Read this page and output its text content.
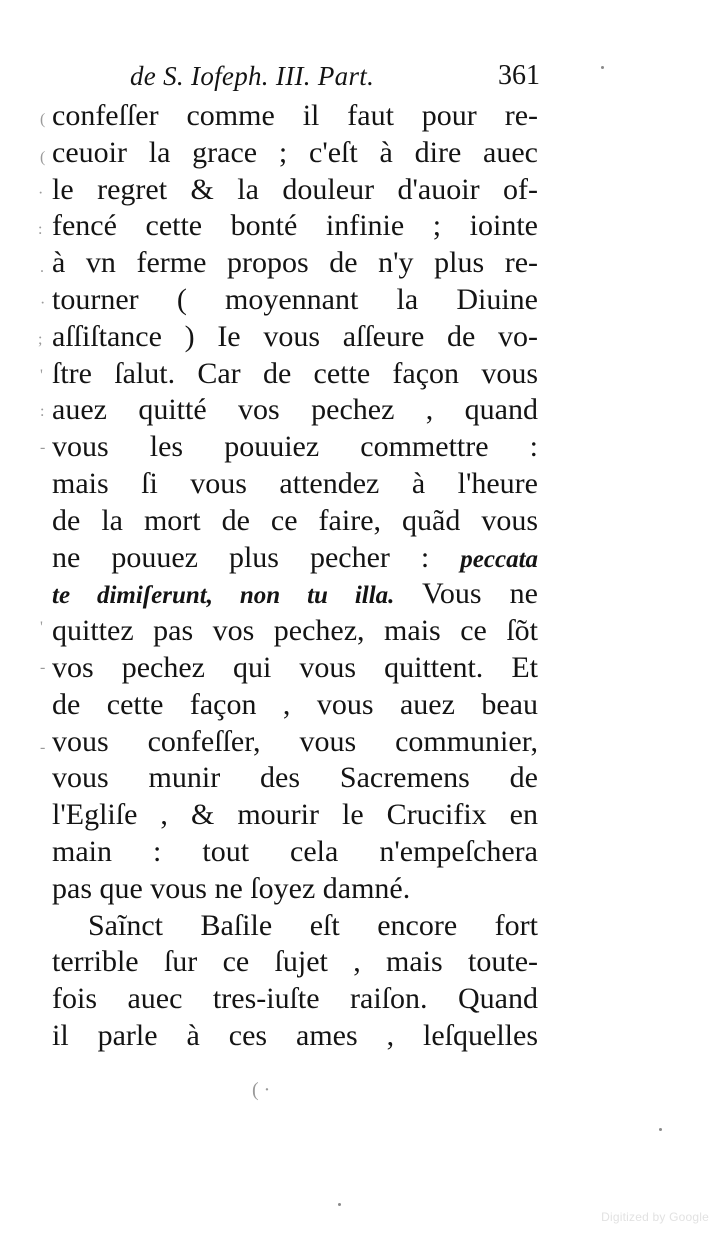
de S. Iofeph. III. Part.	361
confeſſer comme il faut pour re-
ceuoir la grace ; c'eſt à dire auec
le regret & la douleur d'auoir of-
fencé cette bonté infinie ; iointe
à vn ferme propos de n'y plus re-
tourner ( moyennant la Diuine
aſſiſtance ) Ie vous aſſeure de vo-
ſtre ſalut. Car de cette façon vous
auez quitté vos pechez , quand
vous les pouuiez commettre :
mais ſi vous attendez à l'heure
de la mort de ce faire, quãd vous
ne pouuez plus pecher : peccata
te dimiſerunt, non tu illa. Vous ne
quittez pas vos pechez, mais ce ſõt
vos pechez qui vous quittent. Et
de cette façon , vous auez beau
vous confeſſer, vous communier,
vous munir des Sacremens de
l'Egliſe , & mourir le Crucifix en
main : tout cela n'empeſchera
pas que vous ne ſoyez damné.
Saĩnct Baſile eſt encore fort
terrible ſur ce ſujet , mais toute-
fois auec tres-iuſte raiſon. Quand
il parle à ces ames , leſquelles
(
(
·
:
.
·
;
'
:
-
'
-
-
( ·
Digitized by Google
